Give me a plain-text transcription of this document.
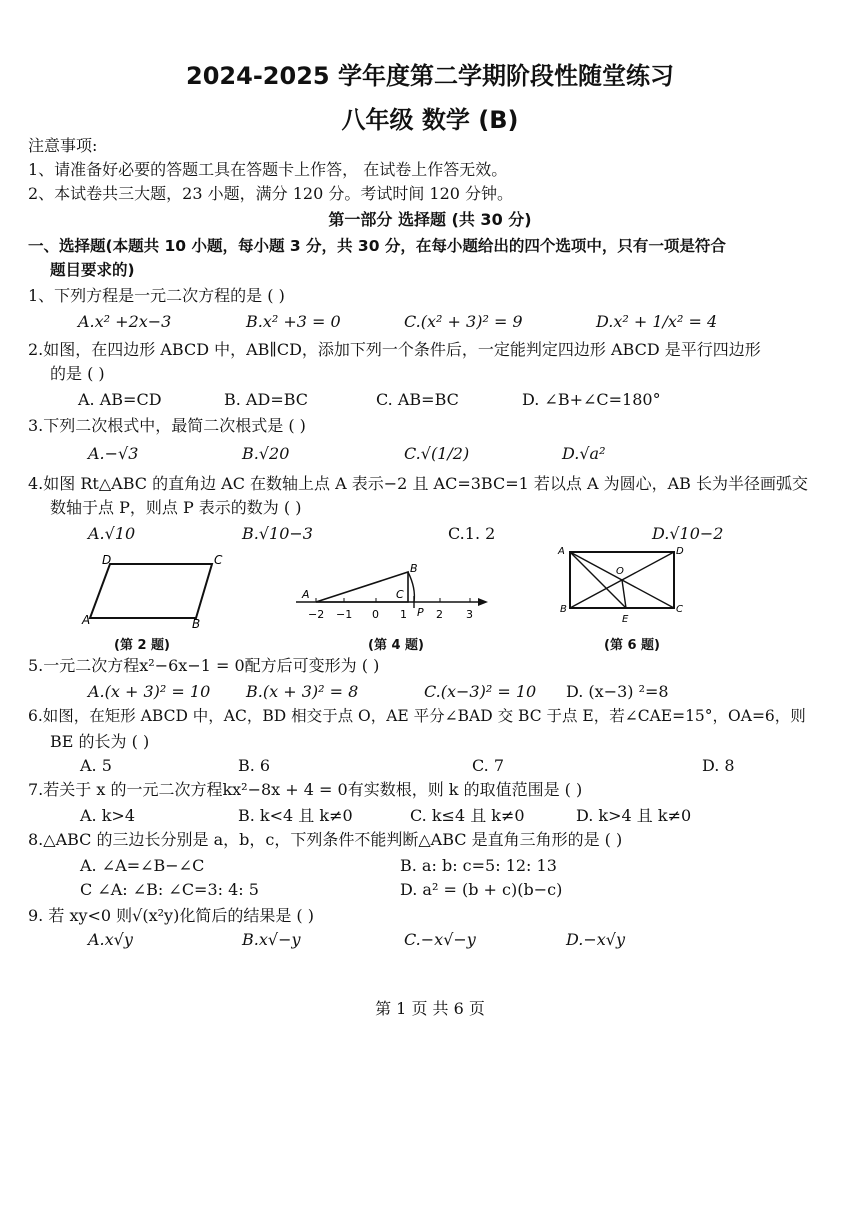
2024-2025 学年度第二学期阶段性随堂练习
八年级 数学 (B)
注意事项:
1、请准备好必要的答题工具在答题卡上作答， 在试卷上作答无效。
2、本试卷共三大题，23 小题，满分 120 分。考试时间 120 分钟。
第一部分 选择题 (共 30 分)
一、选择题(本题共 10 小题，每小题 3 分，共 30 分，在每小题给出的四个选项中，只有一项是符合
题目要求的)
1、下列方程是一元二次方程的是 ( )
A.x² +2x−3	B.x² +3 = 0	C.(x² + 3)² = 9	D.x² + 1/x² = 4
2.如图，在四边形 ABCD 中，AB∥CD，添加下列一个条件后，一定能判定四边形 ABCD 是平行四边形
的是 ( )
A. AB=CD	B. AD=BC	C. AB=BC	D. ∠B+∠C=180°
3.下列二次根式中，最简二次根式是 ( )
A.−√3	B.√20	C.√(1/2)	D.√a²
4.如图 Rt△ABC 的直角边 AC 在数轴上点 A 表示−2 且 AC=3BC=1 若以点 A 为圆心，AB 长为半径画弧交
数轴于点 P，则点 P 表示的数为 ( )
A.√10	B.√10−3	C.1. 2	D.√10−2
D	C
A	B
(第 2 题)
A
B
C
P
−2 −1 0 1	2 3
(第 4 题)
A	D
O
B
E
C
(第 6 题)
5.一元二次方程x²−6x−1 = 0配方后可变形为 ( )
A.(x + 3)² = 10 B.(x + 3)² = 8	C.(x−3)² = 10 D. (x−3) ²=8
6.如图，在矩形 ABCD 中，AC，BD 相交于点 O，AE 平分∠BAD 交 BC 于点 E，若∠CAE=15°，OA=6，则
BE 的长为 ( )
A. 5	B. 6	C. 7	D. 8
7.若关于 x 的一元二次方程kx²−8x + 4 = 0有实数根，则 k 的取值范围是 ( )
A. k>4	B. k<4 且 k≠0	C. k≤4 且 k≠0	D. k>4 且 k≠0
8.△ABC 的三边长分别是 a，b，c，下列条件不能判断△ABC 是直角三角形的是 ( )
A. ∠A=∠B−∠C	B. a: b: c=5: 12: 13
C ∠A: ∠B: ∠C=3: 4: 5	D. a² = (b + c)(b−c)
9. 若 xy<0 则√(x²y)化简后的结果是 ( )
A.x√y	B.x√−y	C.−x√−y	D.−x√y
第 1 页 共 6 页
